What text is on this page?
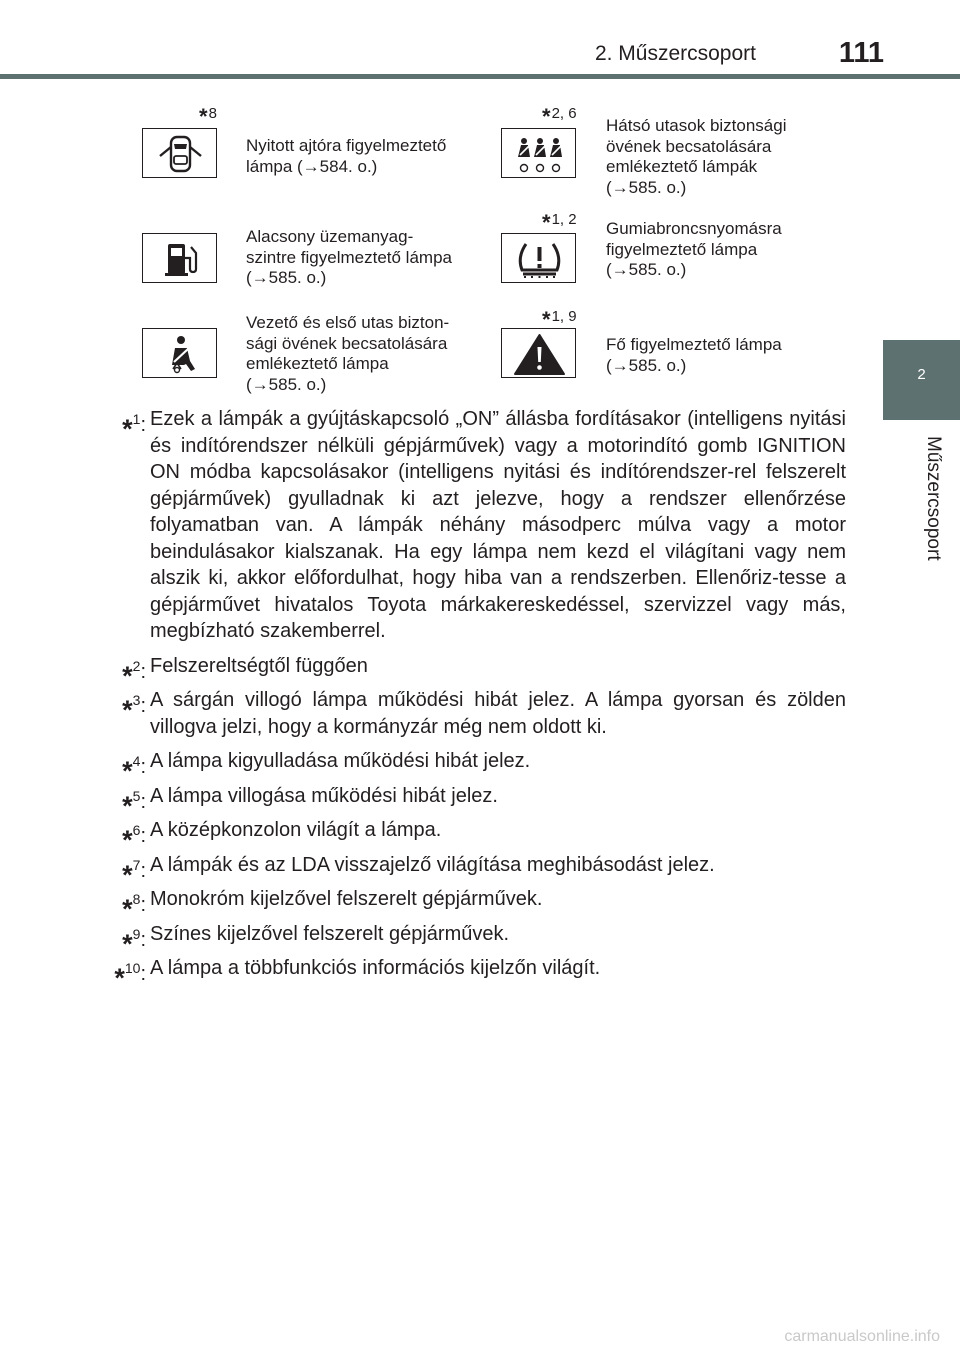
2. Műszercsoport	111
2
Műszercsoport
*8
Nyitott ajtóra figyelmeztető
lámpa (→584. o.)
*2, 6
Hátsó utasok biztonsági
övének becsatolására
emlékeztető lámpák
(→585. o.)
Alacsony üzemanyag-
szintre figyelmeztető lámpa
(→585. o.)
*1, 2 Gumiabroncsnyomásra
figyelmeztető lámpa
(→585. o.)
Vezető és első utas bizton-
sági övének becsatolására
emlékeztető lámpa
(→585. o.)
*1, 9
Fő figyelmeztető lámpa
(→585. o.)
*$^1$: Ezek a lámpák a gyújtáskapcsoló „ON” állásba fordításakor (intelligens nyitási és indítórendszer nélküli gépjárművek) vagy a motorindító gomb IGNITION ON módba kapcsolásakor (intelligens nyitási és indítórendszer-rel felszerelt gépjárművek) gyulladnak ki azt jelezve, hogy a rendszer ellenőrzése folyamatban van. A lámpák néhány másodperc múlva vagy a motor beindulásakor kialszanak. Ha egy lámpa nem kezd el világítani vagy nem alszik ki, akkor előfordulhat, hogy hiba van a rendszerben. Ellenőriz-tesse a gépjárművet hivatalos Toyota márkakereskedéssel, szervizzel vagy más, megbízható szakemberrel.
*$^2$: Felszereltségtől függően
*$^3$: A sárgán villogó lámpa működési hibát jelez. A lámpa gyorsan és zölden villogva jelzi, hogy a kormányzár még nem oldott ki.
*$^4$: A lámpa kigyulladása működési hibát jelez.
*$^5$: A lámpa villogása működési hibát jelez.
*$^6$: A középkonzolon világít a lámpa.
*$^7$: A lámpák és az LDA visszajelző világítása meghibásodást jelez.
*$^8$: Monokróm kijelzővel felszerelt gépjárművek.
*$^9$: Színes kijelzővel felszerelt gépjárművek.
*$^{10}$: A lámpa a többfunkciós információs kijelzőn világít.
carmanualsonline.info
